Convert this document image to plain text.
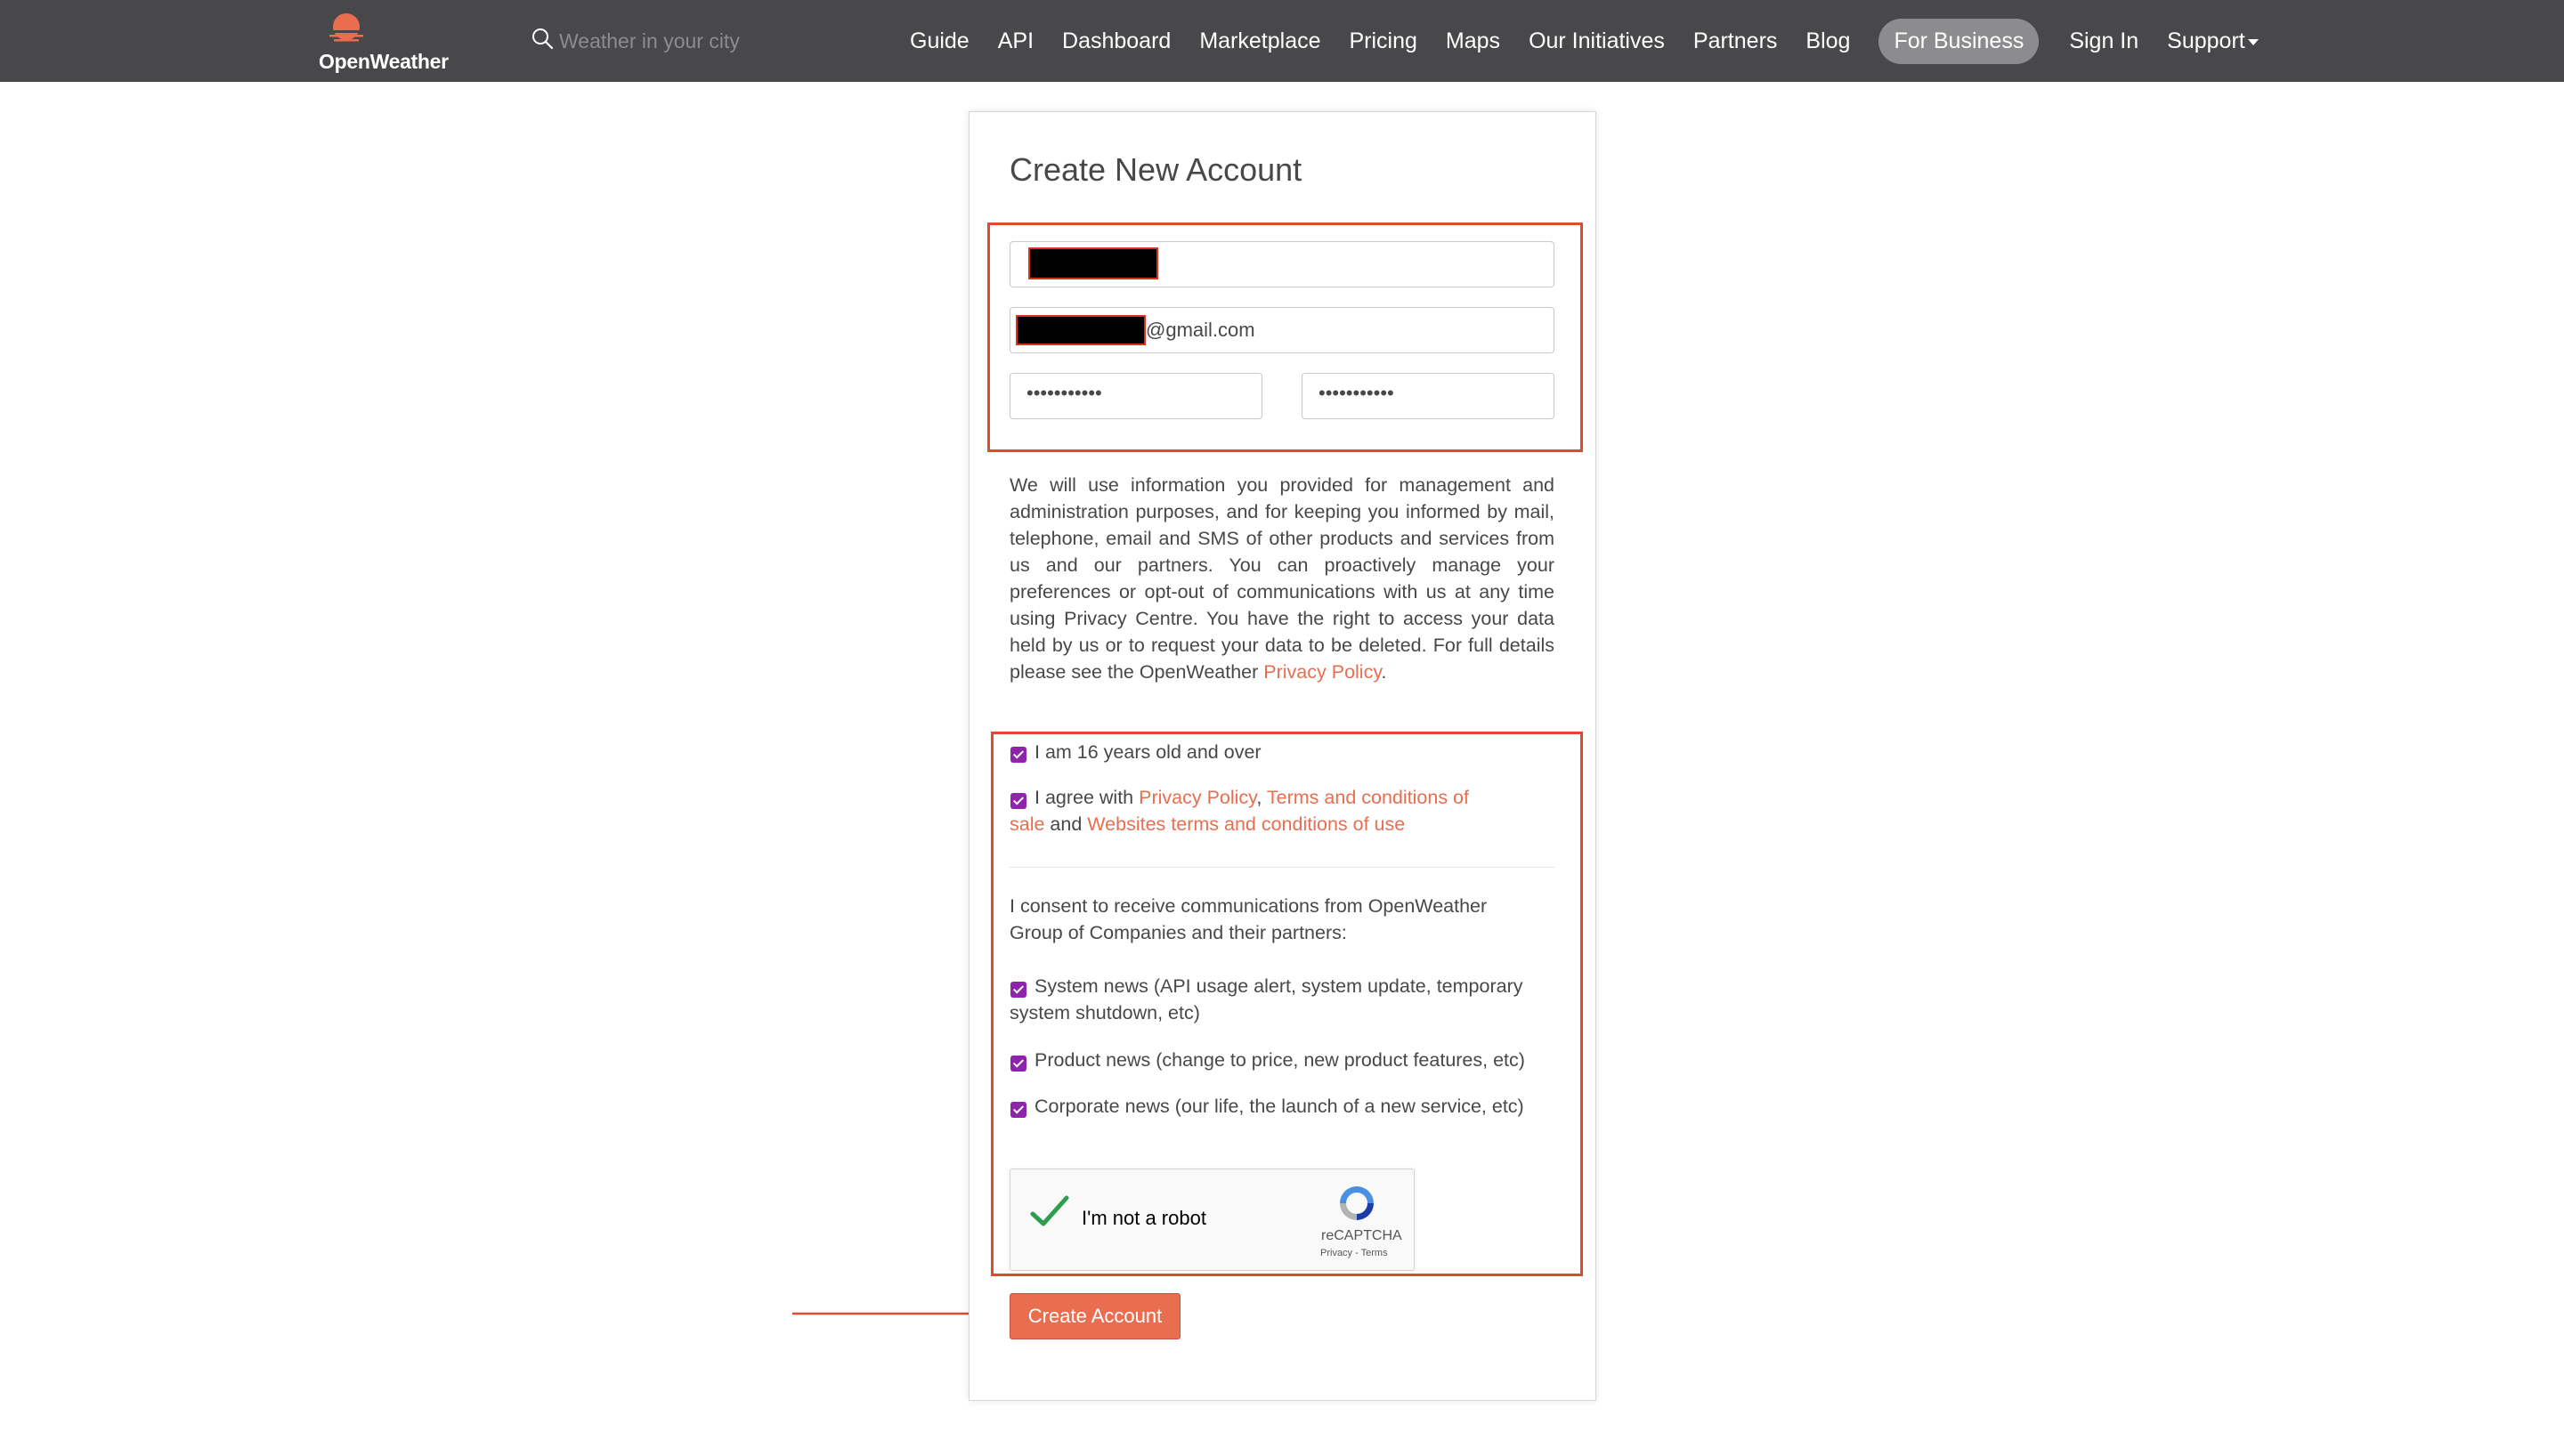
OpenWeather
Weather in your city
Guide API Dashboard Marketplace Pricing Maps Our Initiatives Partners Blog	For Business	Sign In Support
Create New Account
[redacted]
@gmail.com
•••••••••••	•••••••••••

We will use information you provided for management and administration purposes, and for keeping you informed by mail, telephone, email and SMS of other products and services from us and our partners. You can proactively manage your preferences or opt-out of communications with us at any time using Privacy Centre. You have the right to access your data held by us or to request your data to be deleted. For full details please see the OpenWeather Privacy Policy.

I am 16 years old and over
I agree with Privacy Policy, Terms and conditions of sale and Websites terms and conditions of use
I consent to receive communications from OpenWeather Group of Companies and their partners:
System news (API usage alert, system update, temporary system shutdown, etc)
Product news (change to price, new product features, etc)
Corporate news (our life, the launch of a new service, etc)
I'm not a robot
reCAPTCHA
Privacy - Terms
Create Account
